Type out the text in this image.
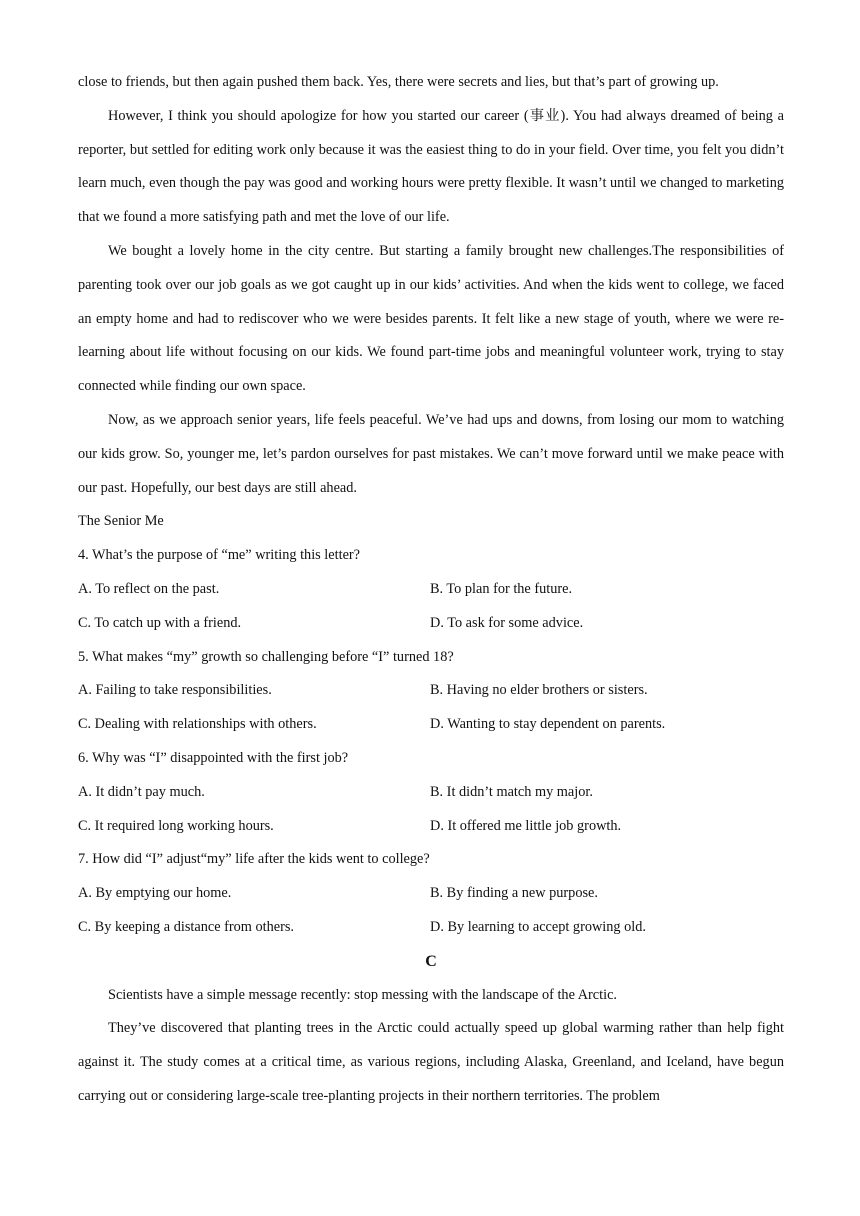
close to friends, but then again pushed them back. Yes, there were secrets and lies, but that’s part of growing up.

However, I think you should apologize for how you started our career (事业). You had always dreamed of being a reporter, but settled for editing work only because it was the easiest thing to do in your field. Over time, you felt you didn’t learn much, even though the pay was good and working hours were pretty flexible. It wasn’t until we changed to marketing that we found a more satisfying path and met the love of our life.

We bought a lovely home in the city centre. But starting a family brought new challenges.The responsibilities of parenting took over our job goals as we got caught up in our kids’ activities. And when the kids went to college, we faced an empty home and had to rediscover who we were besides parents. It felt like a new stage of youth, where we were re-learning about life without focusing on our kids. We found part-time jobs and meaningful volunteer work, trying to stay connected while finding our own space.

Now, as we approach senior years, life feels peaceful. We’ve had ups and downs, from losing our mom to watching our kids grow. So, younger me, let’s pardon ourselves for past mistakes. We can’t move forward until we make peace with our past. Hopefully, our best days are still ahead.

The Senior Me

4. What’s the purpose of “me” writing this letter?

A. To reflect on the past.	B. To plan for the future.
C. To catch up with a friend.	D. To ask for some advice.

5. What makes “my” growth so challenging before “I” turned 18?

A. Failing to take responsibilities.	B. Having no elder brothers or sisters.
C. Dealing with relationships with others.	D. Wanting to stay dependent on parents.

6. Why was “I” disappointed with the first job?

A. It didn’t pay much.	B. It didn’t match my major.
C. It required long working hours.	D. It offered me little job growth.

7. How did “I” adjust“my” life after the kids went to college?

A. By emptying our home.	B. By finding a new purpose.
C. By keeping a distance from others.	D. By learning to accept growing old.

C

Scientists have a simple message recently: stop messing with the landscape of the Arctic.

They’ve discovered that planting trees in the Arctic could actually speed up global warming rather than help fight against it. The study comes at a critical time, as various regions, including Alaska, Greenland, and Iceland, have begun carrying out or considering large-scale tree-planting projects in their northern territories. The problem
